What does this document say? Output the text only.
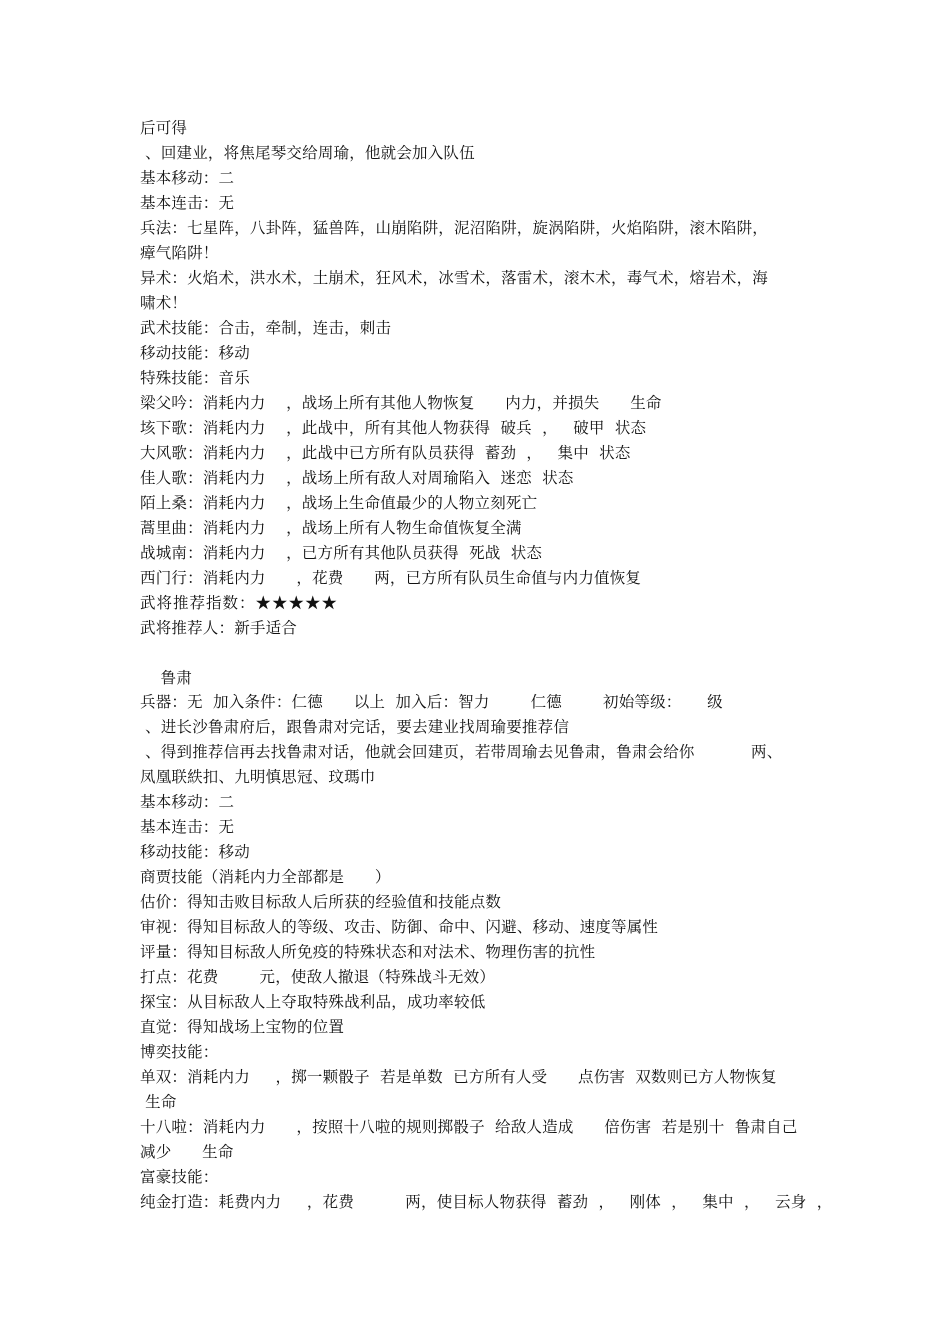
后可得
、回建业，将焦尾琴交给周瑜，他就会加入队伍
基本移动：二
基本连击：无
兵法：七星阵，八卦阵，猛兽阵，山崩陷阱，泥沼陷阱，旋涡陷阱，火焰陷阱，滚木陷阱，
瘴气陷阱！
异术：火焰术，洪水术，土崩术，狂风术，冰雪术，落雷术，滚木术，毒气术，熔岩术，海
啸术！
武术技能：合击，牵制，连击，刺击
移动技能：移动
特殊技能：音乐
梁父吟：消耗内力    ，战场上所有其他人物恢复      内力，并损失      生命
垓下歌：消耗内力    ，此战中，所有其他人物获得  破兵  ，   破甲  状态
大风歌：消耗内力    ，此战中已方所有队员获得  蓄劲  ，   集中  状态
佳人歌：消耗内力    ，战场上所有敌人对周瑜陷入  迷恋  状态
陌上桑：消耗内力    ，战场上生命值最少的人物立刻死亡
蒿里曲：消耗内力    ，战场上所有人物生命值恢复全满
战城南：消耗内力    ，已方所有其他队员获得  死战  状态
西门行：消耗内力      ，花费      两，已方所有队员生命值与内力值恢复
武将推荐指数：★★★★★
武将推荐人：新手适合
鲁肃
兵器：无  加入条件：仁德      以上  加入后：智力        仁德        初始等级：     级
、进长沙鲁肃府后，跟鲁肃对完话，要去建业找周瑜要推荐信
、得到推荐信再去找鲁肃对话，他就会回建页，若带周瑜去见鲁肃，鲁肃会给你           两、
凤凰联紩扣、九明慎思冠、玟瑪巾
基本移动：二
基本连击：无
移动技能：移动
商贾技能（消耗内力全部都是      ）
估价：得知击败目标敌人后所获的经验值和技能点数
审视：得知目标敌人的等级、攻击、防御、命中、闪避、移动、速度等属性
评量：得知目标敌人所免疫的特殊状态和对法术、物理伤害的抗性
打点：花费        元，使敌人撤退（特殊战斗无效）
探宝：从目标敌人上夺取特殊战利品，成功率较低
直觉：得知战场上宝物的位置
博奕技能：
单双：消耗内力     ，掷一颗骰子  若是单数  已方所有人受      点伤害  双数则已方人物恢复
生命
十八啦：消耗内力      ，按照十八啦的规则掷骰子  给敌人造成      倍伤害  若是别十  鲁肃自己
减少      生命
富豪技能：
纯金打造：耗费内力     ，花费          两，使目标人物获得  蓄劲  ，   刚体  ，   集中  ，   云身  ，
